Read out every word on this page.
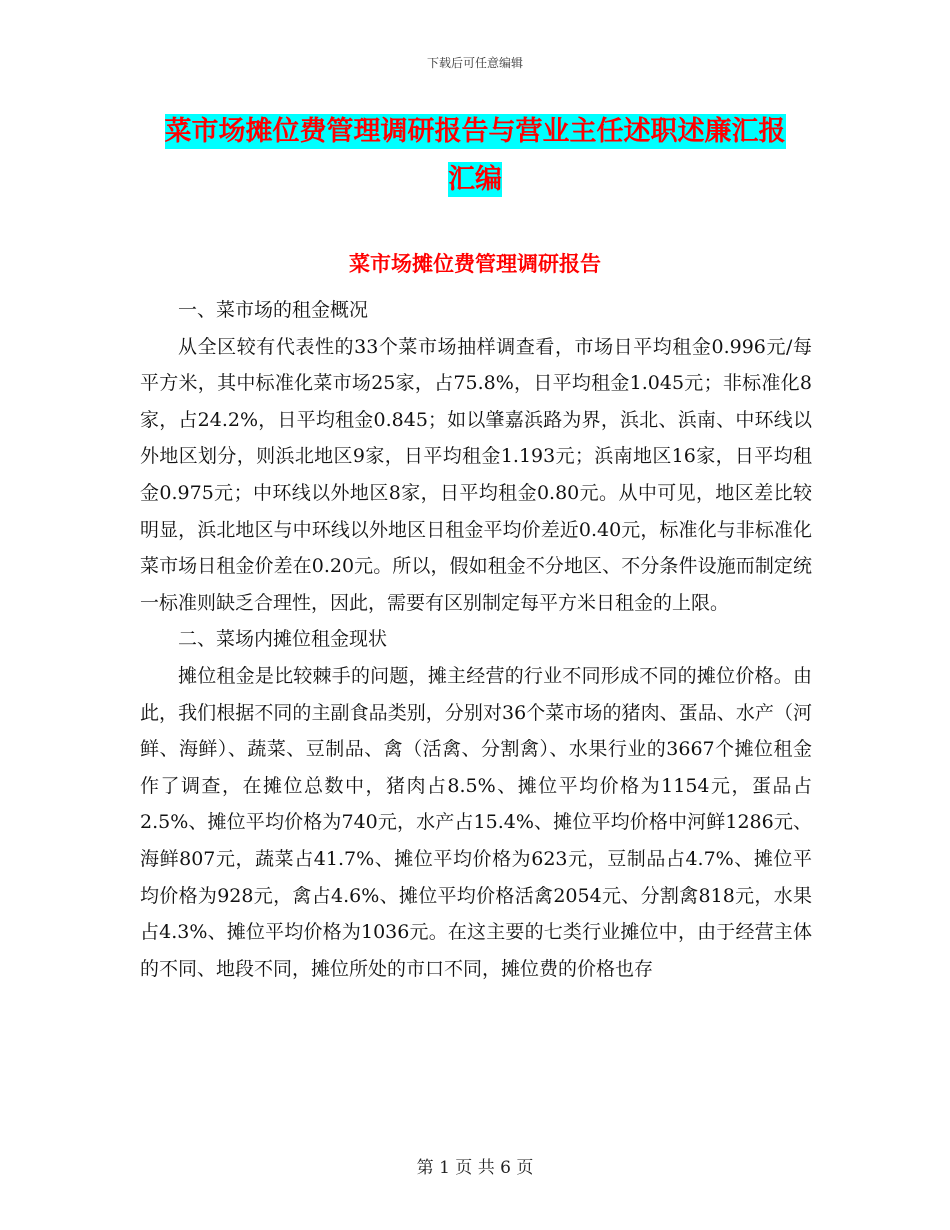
下载后可任意编辑
菜市场摊位费管理调研报告与营业主任述职述廉汇报
汇编
菜市场摊位费管理调研报告

一、菜市场的租金概况

从全区较有代表性的33个菜市场抽样调查看，市场日平均租金0.996元/每平方米，其中标准化菜市场25家，占75.8%，日平均租金1.045元；非标准化8家，占24.2%，日平均租金0.845；如以肇嘉浜路为界，浜北、浜南、中环线以外地区划分，则浜北地区9家，日平均租金1.193元；浜南地区16家，日平均租金0.975元；中环线以外地区8家，日平均租金0.80元。从中可见，地区差比较明显，浜北地区与中环线以外地区日租金平均价差近0.40元，标准化与非标准化菜市场日租金价差在0.20元。所以，假如租金不分地区、不分条件设施而制定统一标准则缺乏合理性，因此，需要有区别制定每平方米日租金的上限。

二、菜场内摊位租金现状

摊位租金是比较棘手的问题，摊主经营的行业不同形成不同的摊位价格。由此，我们根据不同的主副食品类别，分别对36个菜市场的猪肉、蛋品、水产（河鲜、海鲜）、蔬菜、豆制品、禽（活禽、分割禽）、水果行业的3667个摊位租金作了调查，在摊位总数中，猪肉占8.5%、摊位平均价格为1154元，蛋品占2.5%、摊位平均价格为740元，水产占15.4%、摊位平均价格中河鲜1286元、海鲜807元，蔬菜占41.7%、摊位平均价格为623元，豆制品占4.7%、摊位平均价格为928元，禽占4.6%、摊位平均价格活禽2054元、分割禽818元，水果占4.3%、摊位平均价格为1036元。在这主要的七类行业摊位中，由于经营主体的不同、地段不同，摊位所处的市口不同，摊位费的价格也存

第 1 页 共 6 页
